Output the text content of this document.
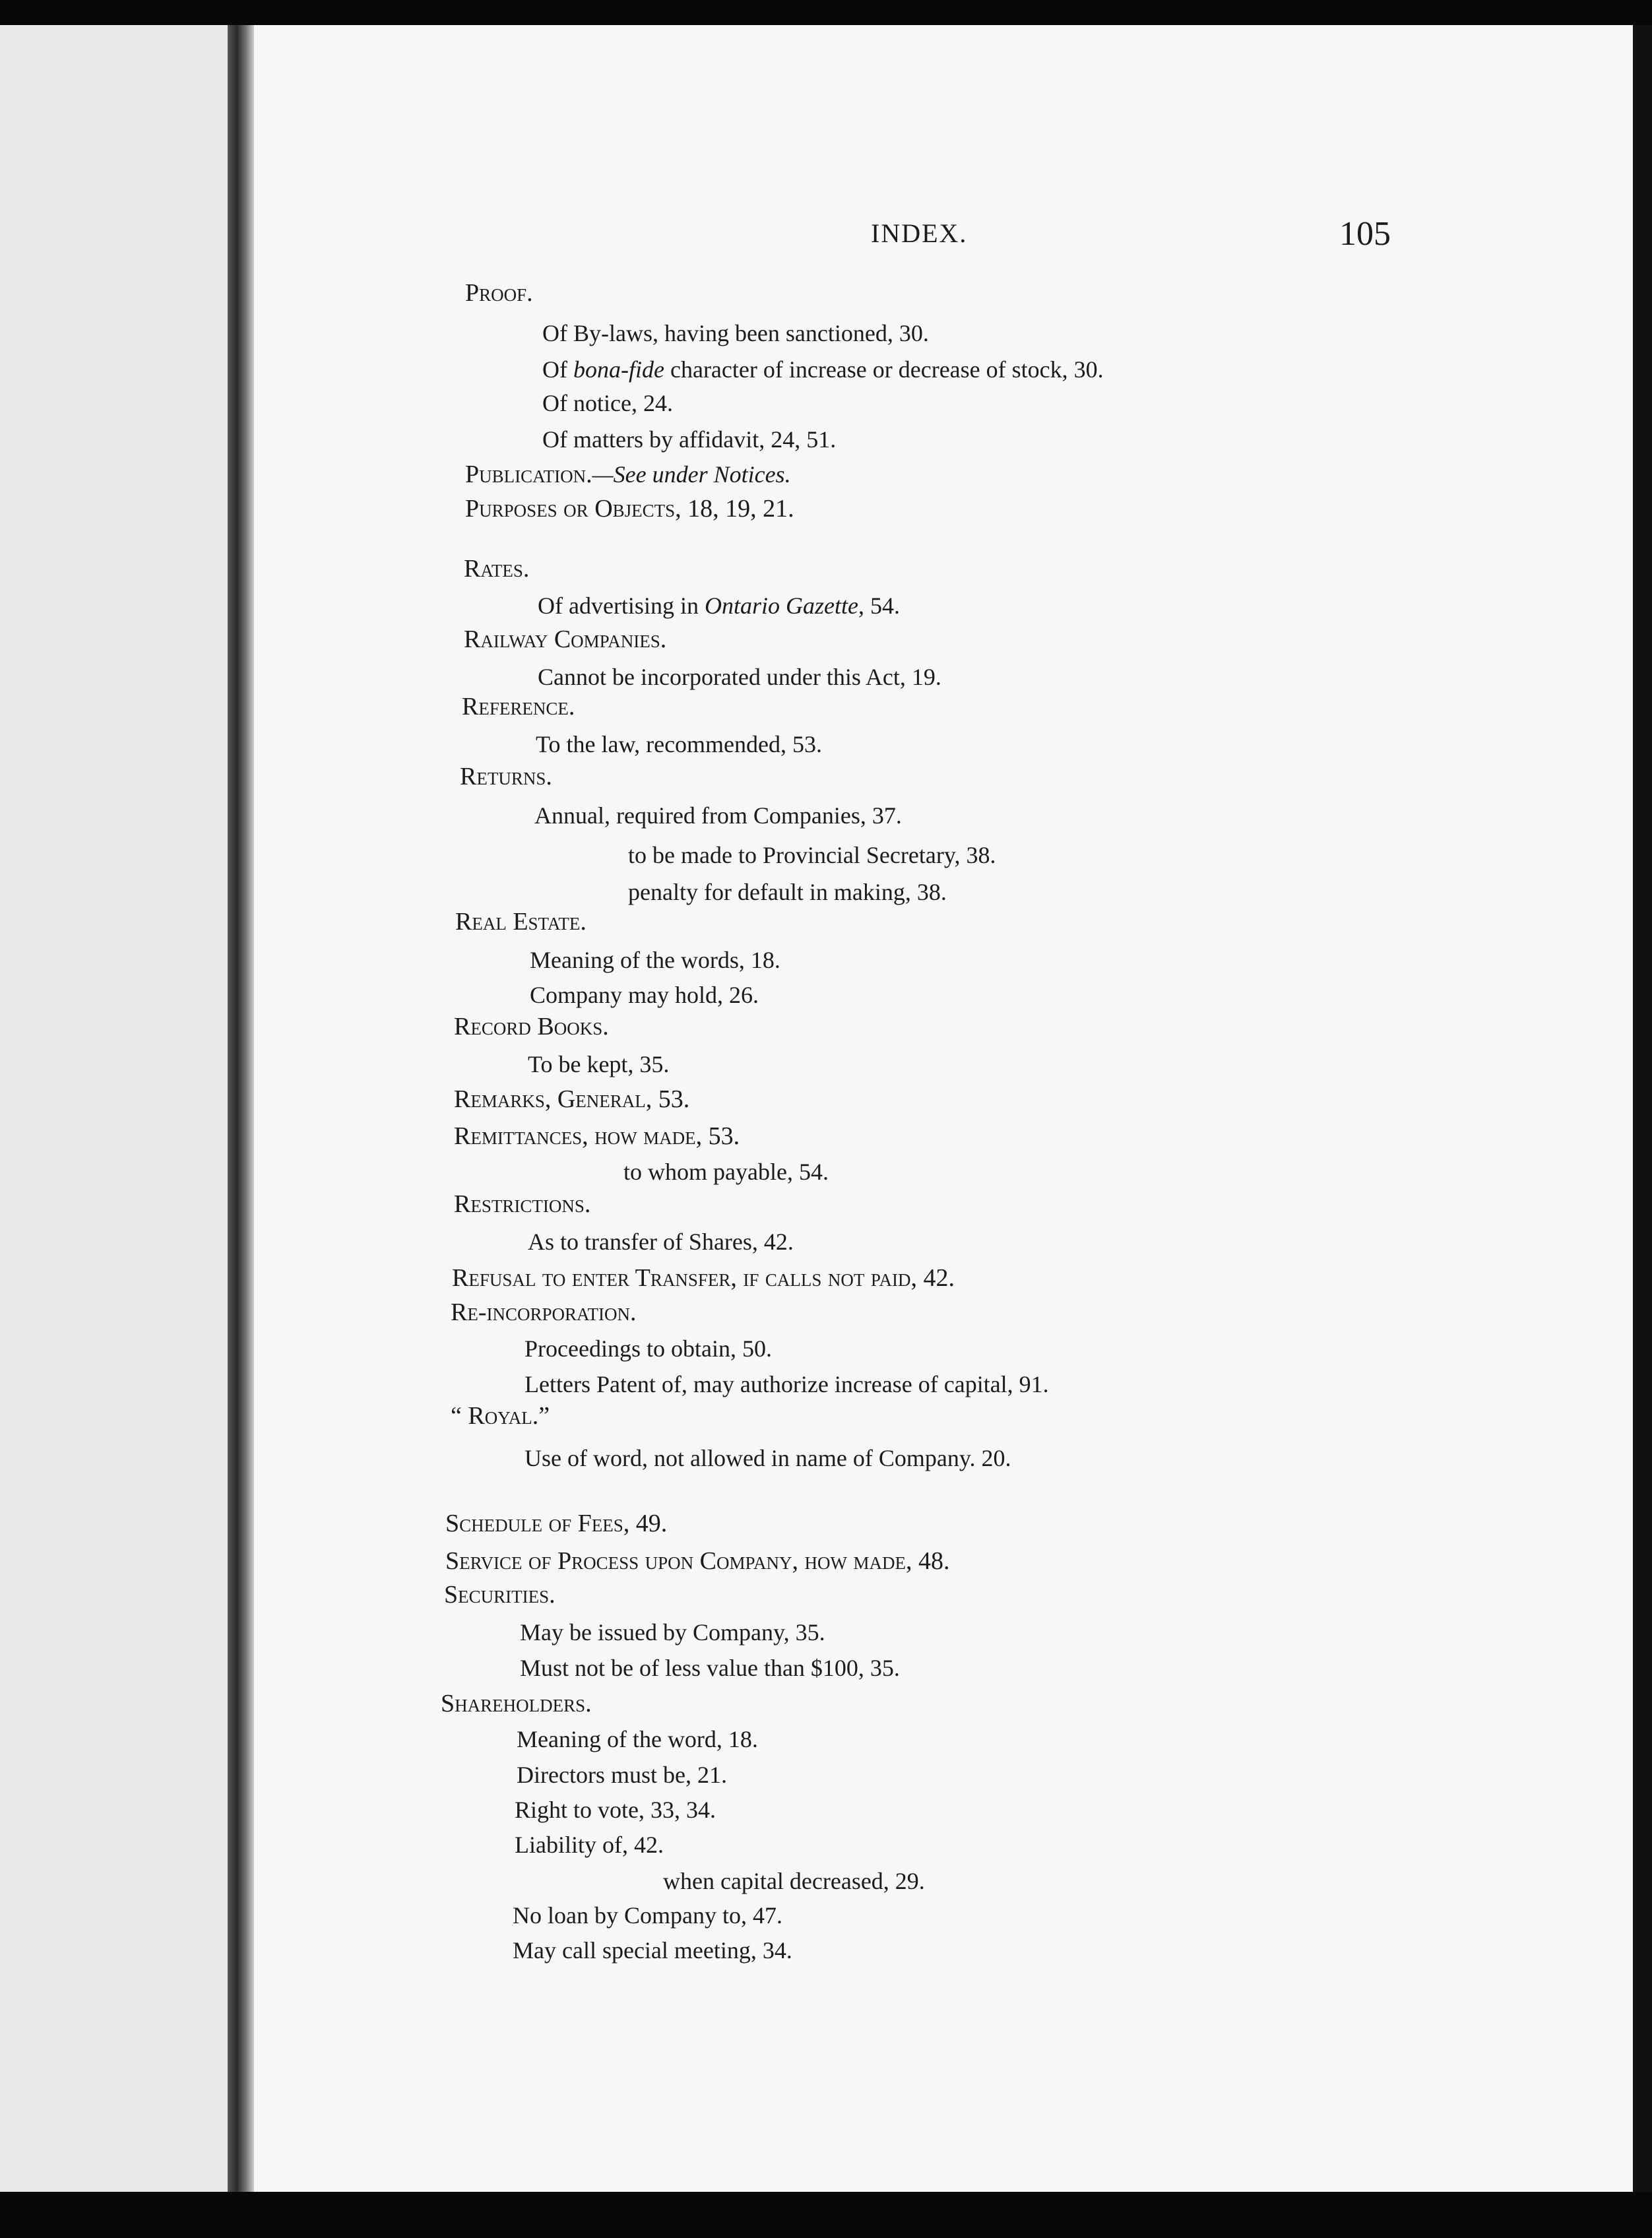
INDEX.	105
Proof.
Of By-laws, having been sanctioned, 30.
Of bona-fide character of increase or decrease of stock, 30.
Of notice, 24.
Of matters by affidavit, 24, 51.
Publication.—See under Notices.
Purposes or Objects, 18, 19, 21.
Rates.
Of advertising in Ontario Gazette, 54.
Railway Companies.
Cannot be incorporated under this Act, 19.
Reference.
To the law, recommended, 53.
Returns.
Annual, required from Companies, 37.
to be made to Provincial Secretary, 38.
penalty for default in making, 38.
Real Estate.
Meaning of the words, 18.
Company may hold, 26.
Record Books.
To be kept, 35.
Remarks, General, 53.
Remittances, how made, 53.
to whom payable, 54.
Restrictions.
As to transfer of Shares, 42.
Refusal to enter Transfer, if calls not paid, 42.
Re-incorporation.
Proceedings to obtain, 50.
Letters Patent of, may authorize increase of capital, 91.
“ Royal.”
Use of word, not allowed in name of Company. 20.
Schedule of Fees, 49.
Service of Process upon Company, how made, 48.
Securities.
May be issued by Company, 35.
Must not be of less value than $100, 35.
Shareholders.
Meaning of the word, 18.
Directors must be, 21.
Right to vote, 33, 34.
Liability of, 42.
when capital decreased, 29.
No loan by Company to, 47.
May call special meeting, 34.
